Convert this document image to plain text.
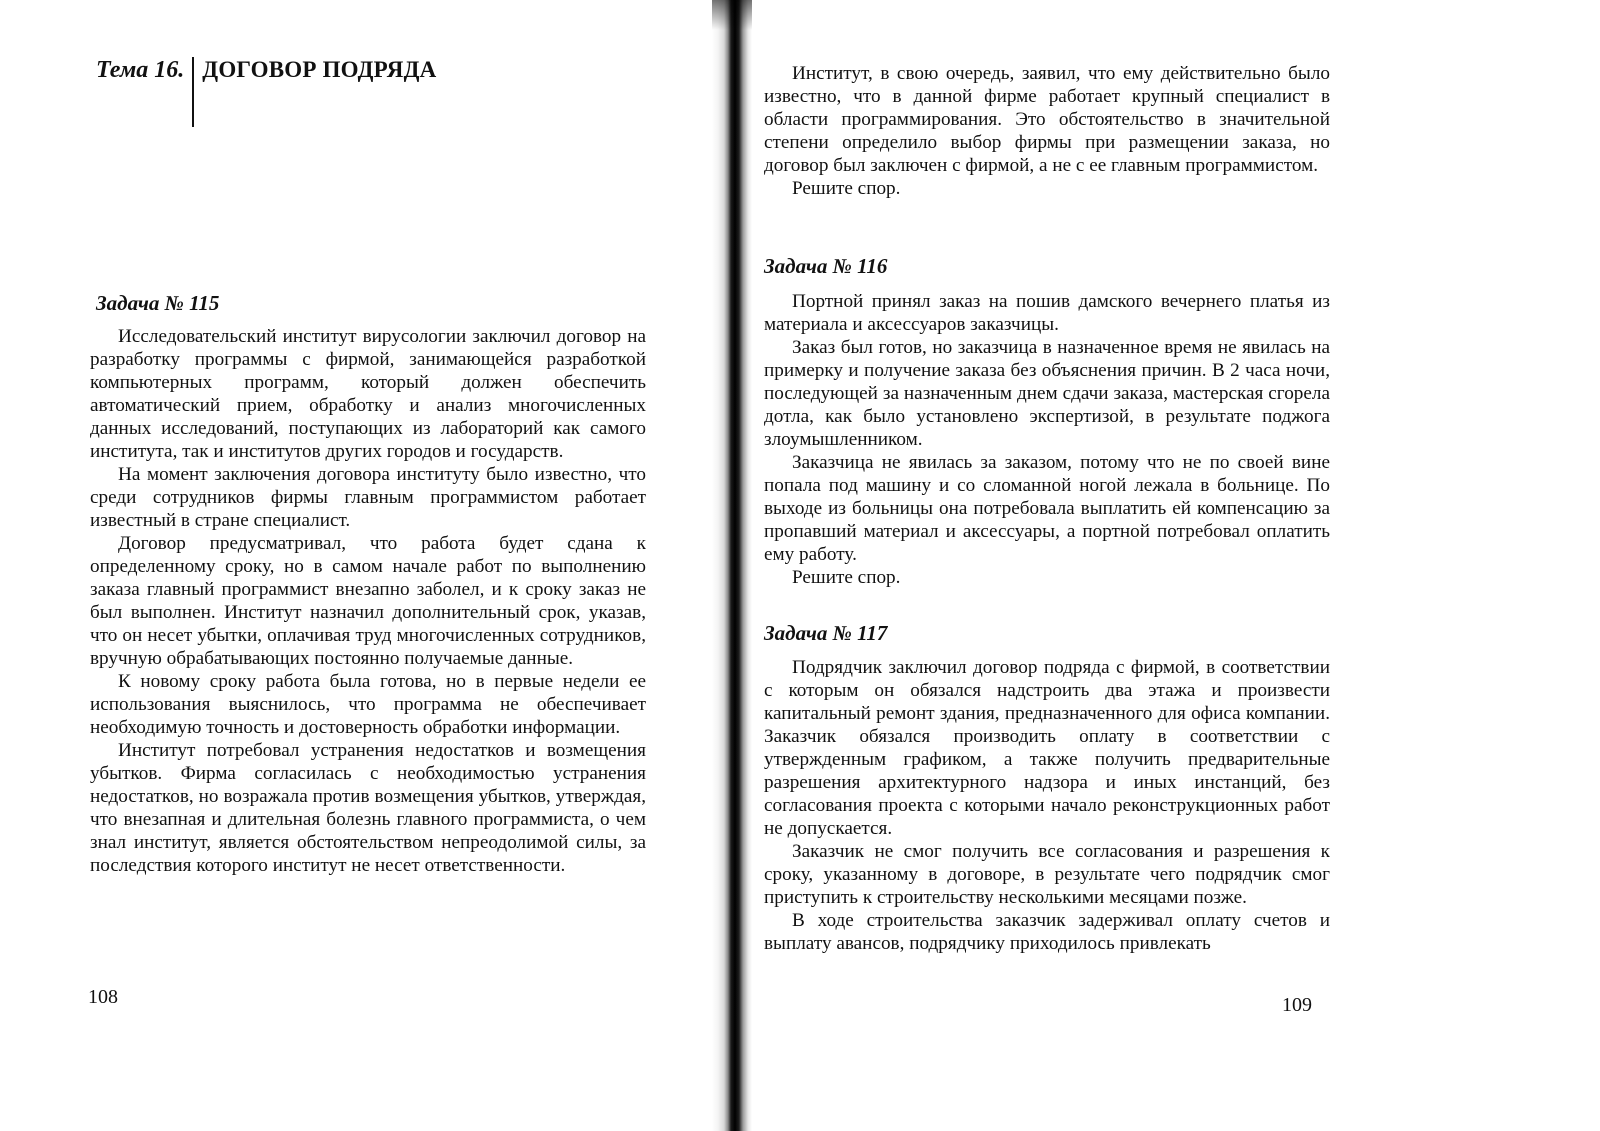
Тема 16. ДОГОВОР ПОДРЯДА
Задача № 115

Исследовательский институт вирусологии заключил договор на разработку программы с фирмой, занимающейся разработкой компьютерных программ, который должен обеспечить автоматический прием, обработку и анализ многочисленных данных исследований, поступающих из лабораторий как самого института, так и институтов других городов и государств.

На момент заключения договора институту было известно, что среди сотрудников фирмы главным программистом работает известный в стране специалист.

Договор предусматривал, что работа будет сдана к определенному сроку, но в самом начале работ по выполнению заказа главный программист внезапно заболел, и к сроку заказ не был выполнен. Институт назначил дополнительный срок, указав, что он несет убытки, оплачивая труд многочисленных сотрудников, вручную обрабатывающих постоянно получаемые данные.

К новому сроку работа была готова, но в первые недели ее использования выяснилось, что программа не обеспечивает необходимую точность и достоверность обработки информации.

Институт потребовал устранения недостатков и возмещения убытков. Фирма согласилась с необходимостью устранения недостатков, но возражала против возмещения убытков, утверждая, что внезапная и длительная болезнь главного программиста, о чем знал институт, является обстоятельством непреодолимой силы, за последствия которого институт не несет ответственности.

108

Институт, в свою очередь, заявил, что ему действительно было известно, что в данной фирме работает крупный специалист в области программирования. Это обстоятельство в значительной степени определило выбор фирмы при размещении заказа, но договор был заключен с фирмой, а не с ее главным программистом.

Решите спор.

Задача № 116

Портной принял заказ на пошив дамского вечернего платья из материала и аксессуаров заказчицы.

Заказ был готов, но заказчица в назначенное время не явилась на примерку и получение заказа без объяснения причин. В 2 часа ночи, последующей за назначенным днем сдачи заказа, мастерская сгорела дотла, как было установлено экспертизой, в результате поджога злоумышленником.

Заказчица не явилась за заказом, потому что не по своей вине попала под машину и со сломанной ногой лежала в больнице. По выходе из больницы она потребовала выплатить ей компенсацию за пропавший материал и аксессуары, а портной потребовал оплатить ему работу.

Решите спор.

Задача № 117

Подрядчик заключил договор подряда с фирмой, в соответствии с которым он обязался надстроить два этажа и произвести капитальный ремонт здания, предназначенного для офиса компании. Заказчик обязался производить оплату в соответствии с утвержденным графиком, а также получить предварительные разрешения архитектурного надзора и иных инстанций, без согласования проекта с которыми начало реконструкционных работ не допускается.

Заказчик не смог получить все согласования и разрешения к сроку, указанному в договоре, в результате чего подрядчик смог приступить к строительству несколькими месяцами позже.

В ходе строительства заказчик задерживал оплату счетов и выплату авансов, подрядчику приходилось привлекать

109
